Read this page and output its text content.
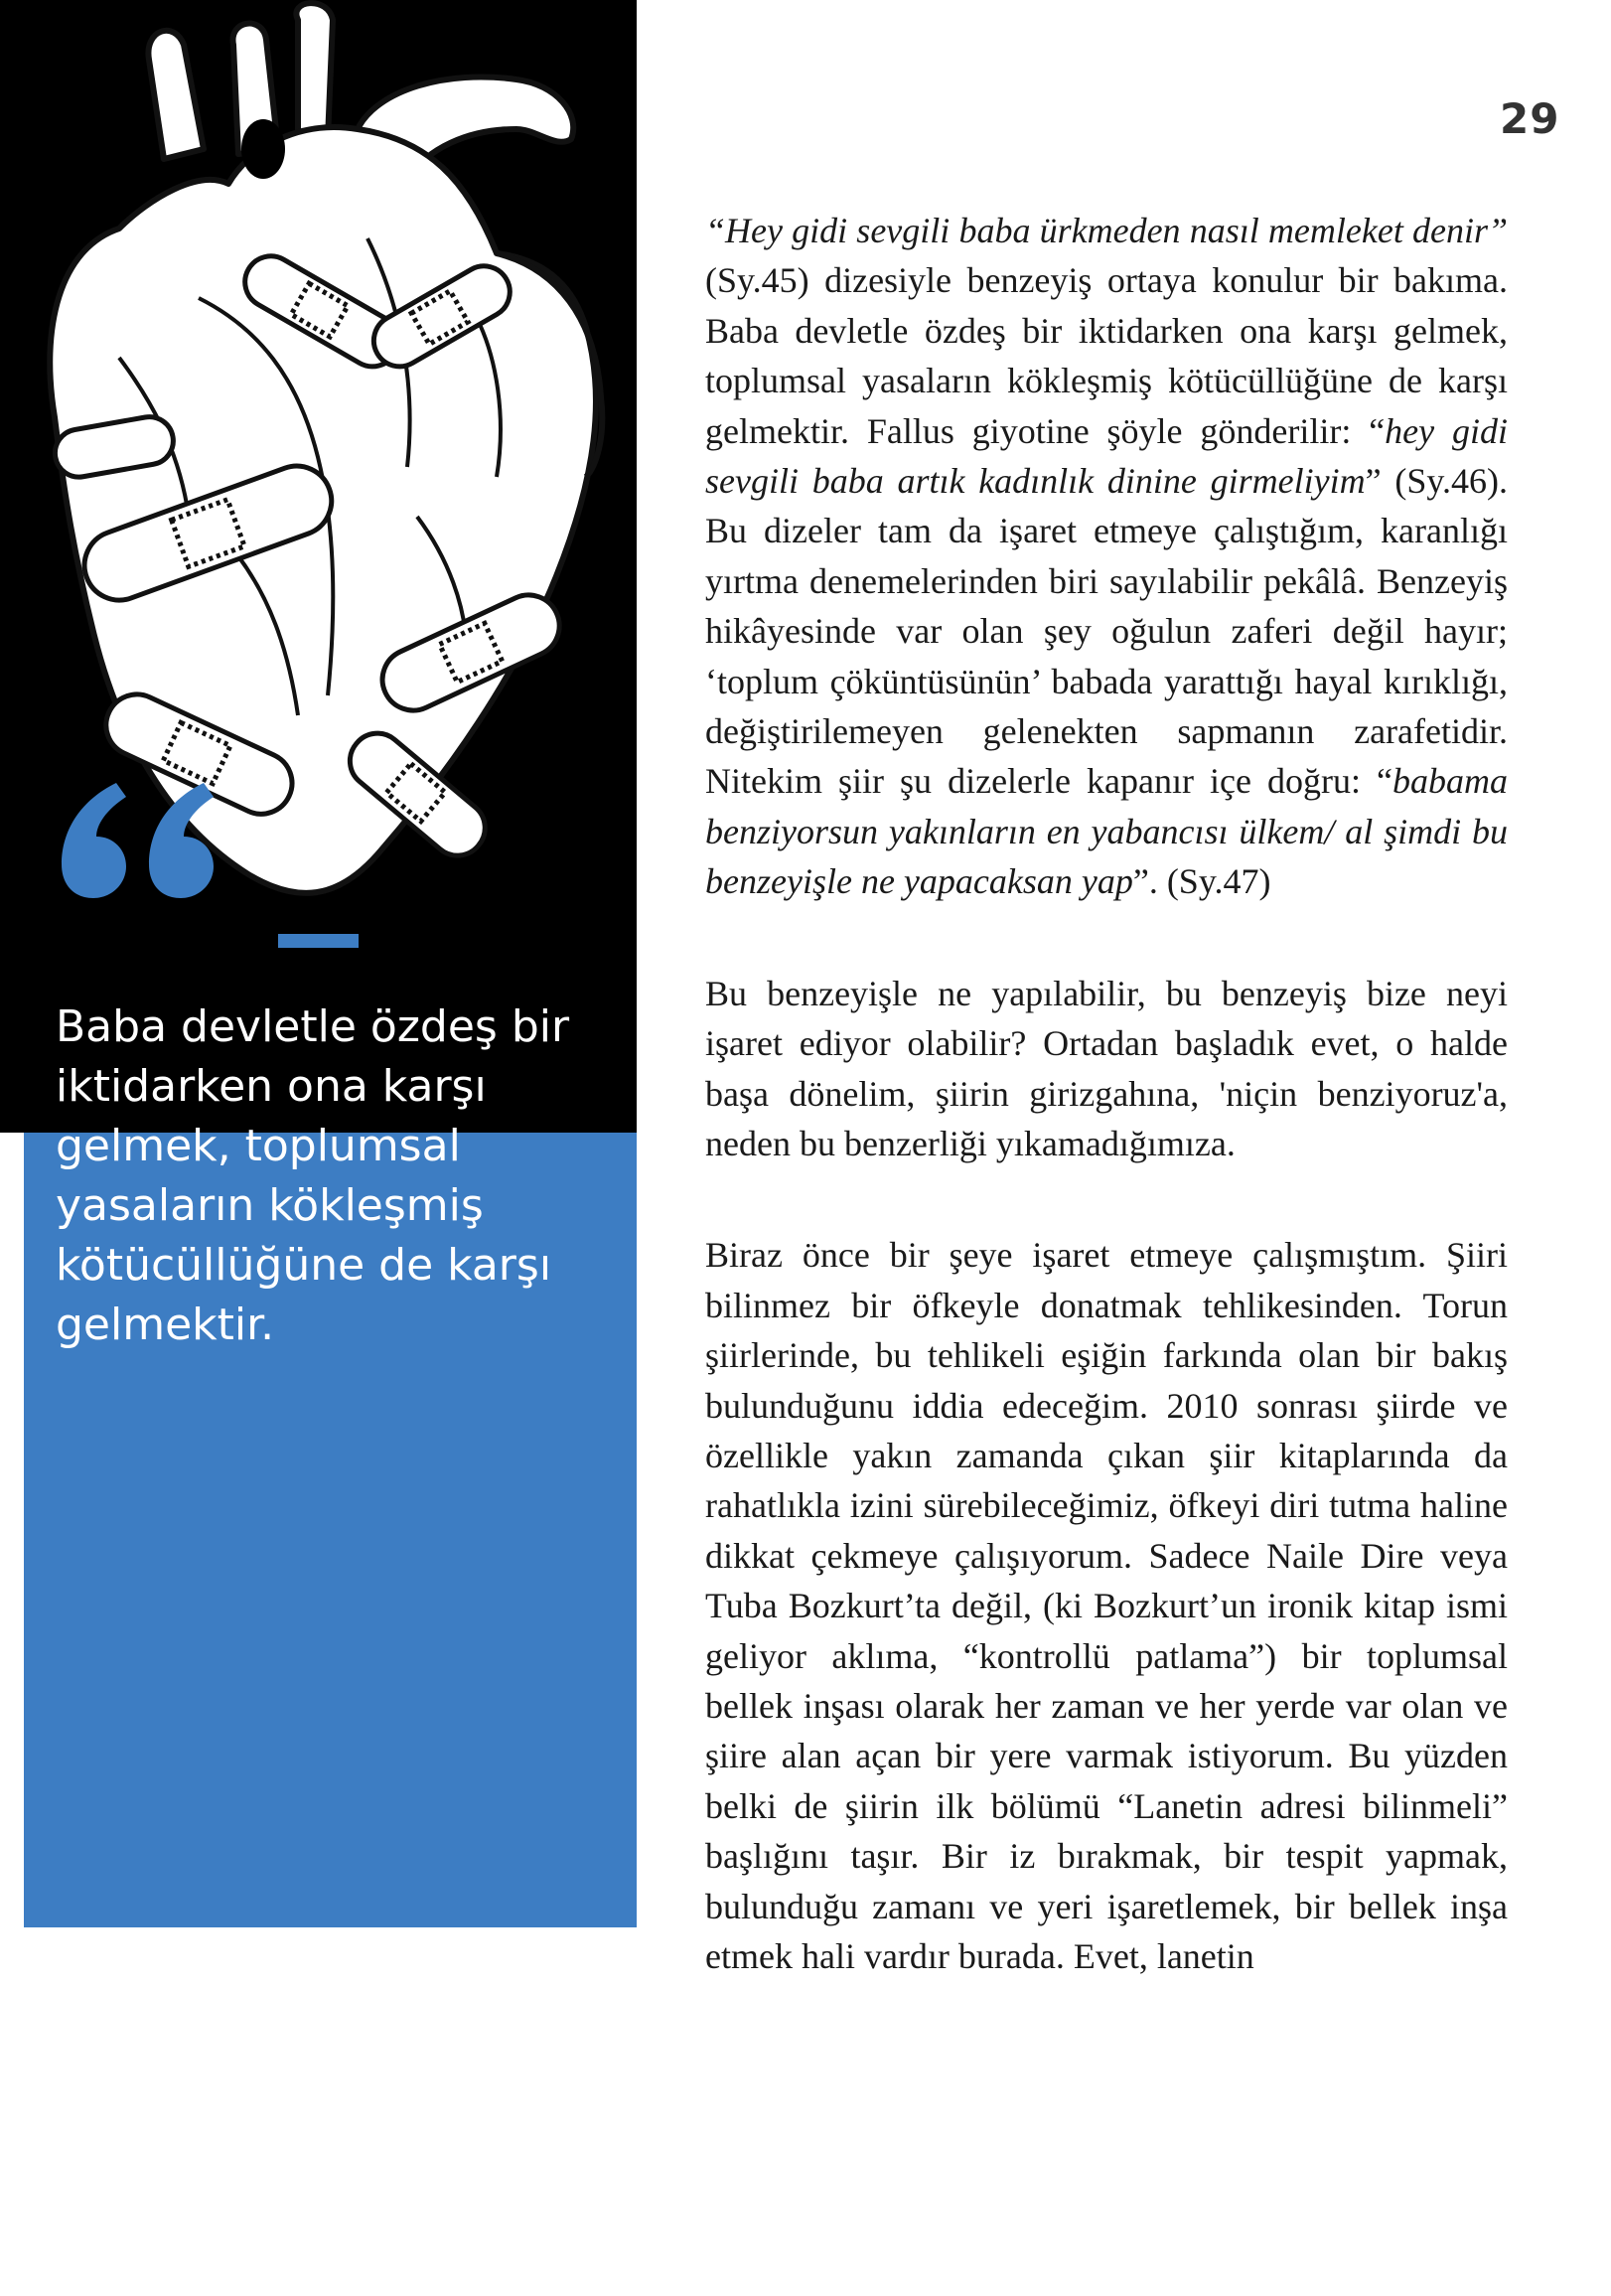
Baba devletle özdeş bir iktidarken ona karşı gelmek, toplumsal yasaların kökleşmiş kötücüllüğüne de karşı gelmektir.

29

“Hey gidi sevgili baba ürkmeden nasıl memleket denir” (Sy.45) dizesiyle benzeyiş ortaya konulur bir bakıma. Baba devletle özdeş bir iktidarken ona karşı gelmek, toplumsal yasaların kökleşmiş kötücüllüğüne de karşı gelmektir. Fallus giyotine şöyle gönderilir: “hey gidi sevgili baba artık kadınlık dinine girmeliyim” (Sy.46). Bu dizeler tam da işaret etmeye çalıştığım, karanlığı yırtma denemelerinden biri sayılabilir pekâlâ. Benzeyiş hikâyesinde var olan şey oğulun zaferi değil hayır; ‘toplum çöküntüsünün’ babada yarattığı hayal kırıklığı, değiştirilemeyen gelenekten sapmanın zarafetidir. Nitekim şiir şu dizelerle kapanır içe doğru: “babama benziyorsun yakınların en yabancısı ülkem/ al şimdi bu benzeyişle ne yapacaksan yap”. (Sy.47)

Bu benzeyişle ne yapılabilir, bu benzeyiş bize neyi işaret ediyor olabilir? Ortadan başladık evet, o halde başa dönelim, şiirin girizgahına, 'niçin benziyoruz'a, neden bu benzerliği yıkamadığımıza.

Biraz önce bir şeye işaret etmeye çalışmıştım. Şiiri bilinmez bir öfkeyle donatmak tehlikesinden. Torun şiirlerinde, bu tehlikeli eşiğin farkında olan bir bakış bulunduğunu iddia edeceğim. 2010 sonrası şiirde ve özellikle yakın zamanda çıkan şiir kitaplarında da rahatlıkla izini sürebileceğimiz, öfkeyi diri tutma haline dikkat çekmeye çalışıyorum. Sadece Naile Dire veya Tuba Bozkurt’ta değil, (ki Bozkurt’un ironik kitap ismi geliyor aklıma, “kontrollü patlama”) bir toplumsal bellek inşası olarak her zaman ve her yerde var olan ve şiire alan açan bir yere varmak istiyorum. Bu yüzden belki de şiirin ilk bölümü “Lanetin adresi bilinmeli” başlığını taşır. Bir iz bırakmak, bir tespit yapmak, bulunduğu zamanı ve yeri işaretlemek, bir bellek inşa etmek hali vardır burada. Evet, lanetin
